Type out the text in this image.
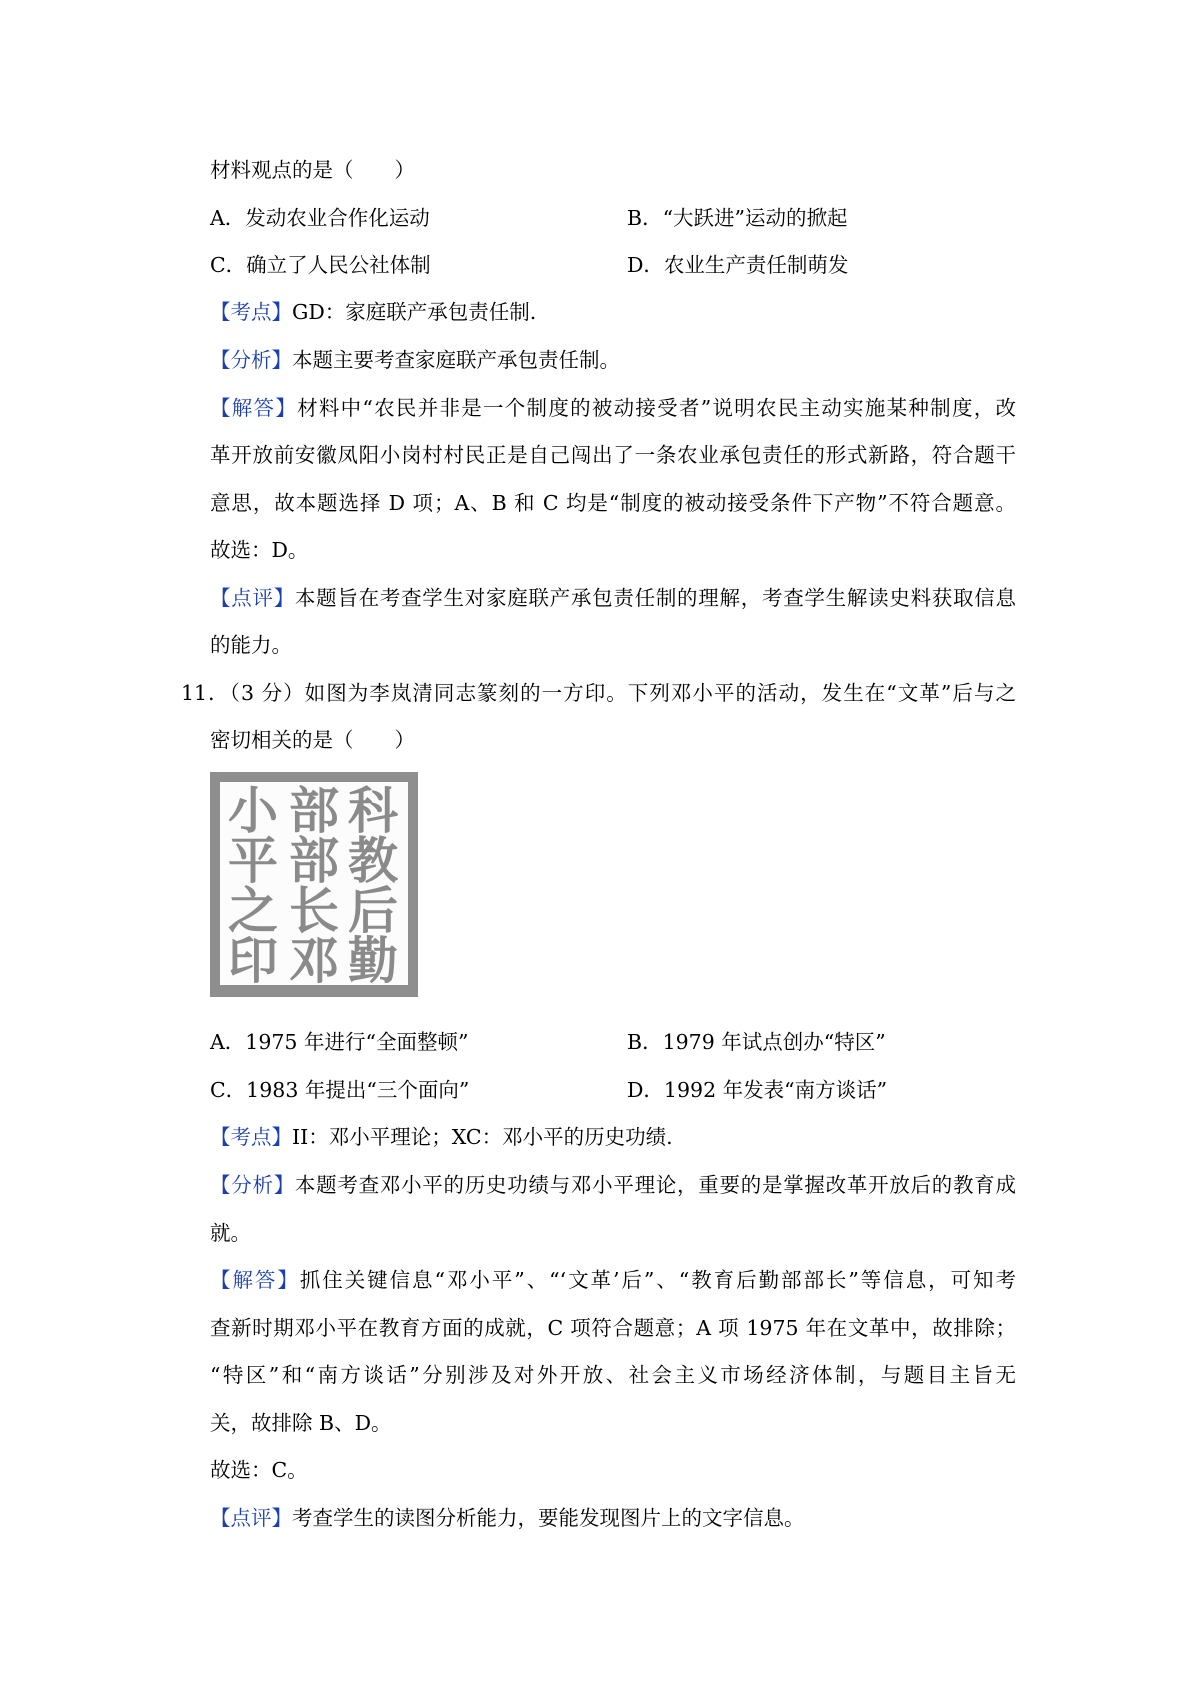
材料观点的是（　　）
A．发动农业合作化运动	B．“大跃进”运动的掀起
C．确立了人民公社体制	D．农业生产责任制萌发
【考点】GD：家庭联产承包责任制.
【分析】本题主要考查家庭联产承包责任制。
【解答】材料中“农民并非是一个制度的被动接受者”说明农民主动实施某种制度，改
革开放前安徽凤阳小岗村村民正是自己闯出了一条农业承包责任的形式新路，符合题干
意思，故本题选择 D 项；A、B 和 C 均是“制度的被动接受条件下产物”不符合题意。
故选：D。
【点评】本题旨在考查学生对家庭联产承包责任制的理解，考查学生解读史料获取信息
的能力。
11．（3 分）如图为李岚清同志篆刻的一方印。下列邓小平的活动，发生在“文革”后与之
密切相关的是（　　）
科
教
后
勤
部
部
长
邓
小
平
之
印
A．1975 年进行“全面整顿”	B．1979 年试点创办“特区”
C．1983 年提出“三个面向”	D．1992 年发表“南方谈话”
【考点】II：邓小平理论；XC：邓小平的历史功绩.
【分析】本题考查邓小平的历史功绩与邓小平理论，重要的是掌握改革开放后的教育成
就。
【解答】抓住关键信息“邓小平”、“‘文革’后”、“教育后勤部部长”等信息，可知考
查新时期邓小平在教育方面的成就，C 项符合题意；A 项 1975 年在文革中，故排除；
“特区”和“南方谈话”分别涉及对外开放、社会主义市场经济体制，与题目主旨无
关，故排除 B、D。
故选：C。
【点评】考查学生的读图分析能力，要能发现图片上的文字信息。
